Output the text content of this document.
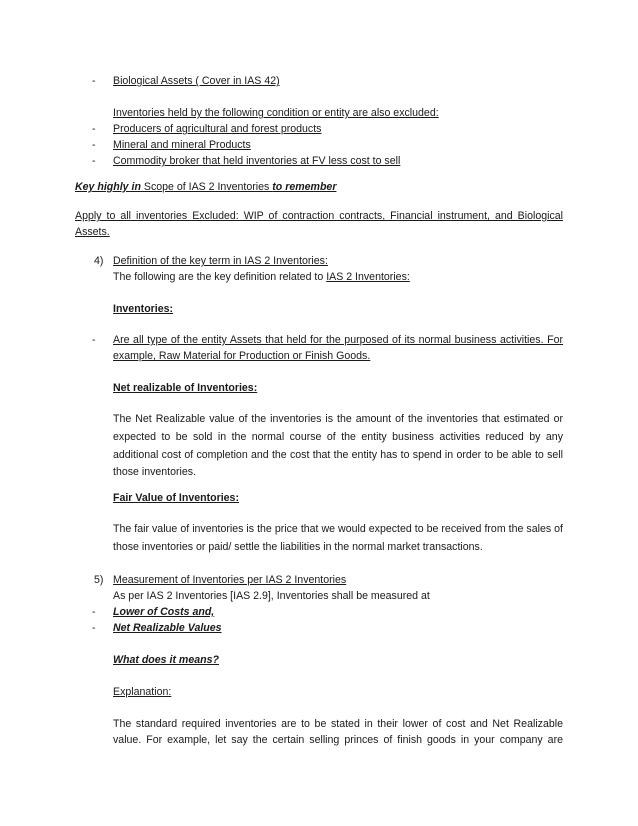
- Biological Assets ( Cover in IAS 42)
Inventories held by the following condition or entity are also excluded:
- Producers of agricultural and forest products
- Mineral and mineral Products
- Commodity broker that held inventories at FV less cost to sell
Key highly in Scope of IAS 2 Inventories to remember
Apply to all inventories Excluded: WIP of contraction contracts, Financial instrument, and Biological
Assets.
4) Definition of the key term in IAS 2 Inventories:
The following are the key definition related to IAS 2 Inventories:
Inventories:
- Are all type of the entity Assets that held for the purposed of its normal business activities. For
example, Raw Material for Production or Finish Goods.
Net realizable of Inventories:
The Net Realizable value of the inventories is the amount of the inventories that estimated or
expected to be sold in the normal course of the entity business activities reduced by any
additional cost of completion and the cost that the entity has to spend in order to be able to sell
those inventories.
Fair Value of Inventories:
The fair value of inventories is the price that we would expected to be received from the sales of
those inventories or paid/ settle the liabilities in the normal market transactions.
5) Measurement of Inventories per IAS 2 Inventories
As per IAS 2 Inventories [IAS 2.9], Inventories shall be measured at
- Lower of Costs and,
- Net Realizable Values
What does it means?
Explanation:
The standard required inventories are to be stated in their lower of cost and Net Realizable
value. For example, let say the certain selling princes of finish goods in your company are
